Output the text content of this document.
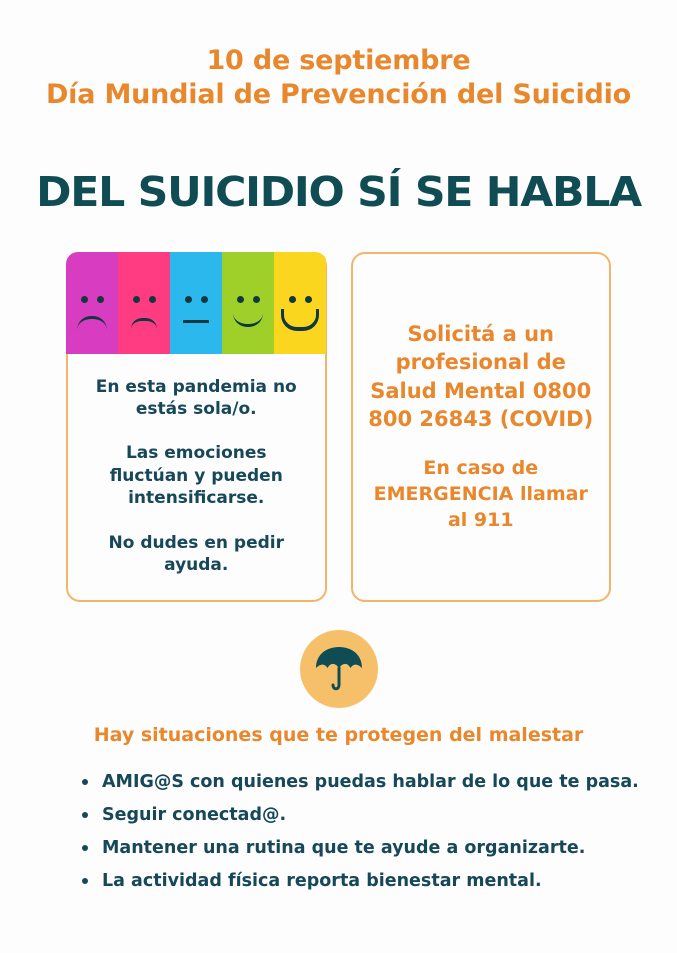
10 de septiembre
Día Mundial de Prevención del Suicidio
DEL SUICIDIO SÍ SE HABLA

En esta pandemia no estás sola/o.

Las emociones fluctúan y pueden intensificarse.

No dudes en pedir ayuda.

Solicitá a un profesional de Salud Mental 0800 800 26843 (COVID)

En caso de EMERGENCIA llamar al 911

Hay situaciones que te protegen del malestar
AMIG@S con quienes puedas hablar de lo que te pasa.
Seguir conectad@.
Mantener una rutina que te ayude a organizarte.
La actividad física reporta bienestar mental.
